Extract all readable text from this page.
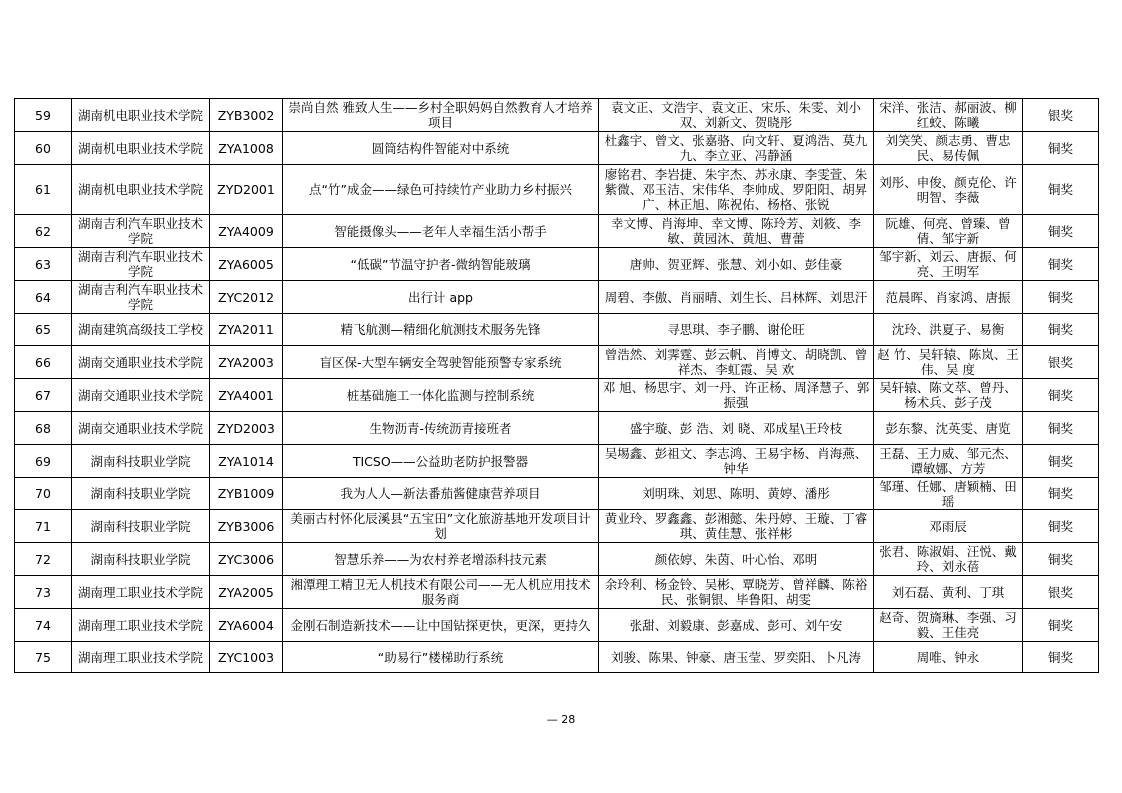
59	湖南机电职业技术学院	ZYB3002	崇尚自然 雅致人生——乡村全职妈妈自然教育人才培养项目	袁文正、文浩宇、袁文正、宋乐、朱雯、刘小双、刘新文、贺晓彤	宋洋、张洁、郝丽波、柳红蛟、陈曦	银奖
60	湖南机电职业技术学院	ZYA1008	圆筒结构件智能对中系统	杜鑫宇、曾文、张嘉骆、向文轩、夏鸿浩、莫九九、李立亚、冯静涵	刘笑笑、颜志勇、曹忠民、易传佩	铜奖
61	湖南机电职业技术学院	ZYD2001	点“竹”成金——绿色可持续竹产业助力乡村振兴	廖铭君、李岩捷、朱宇杰、苏永康、李雯萱、朱紫微、邓玉洁、宋伟华、李帅成、罗阳阳、胡昇广、林正旭、陈祝佑、杨格、张锐	刘彤、申俊、颜克伦、许明智、李薇	铜奖
62	湖南吉利汽车职业技术学院	ZYA4009	智能摄像头——老年人幸福生活小帮手	幸文博、肖海坤、幸文博、陈玲芳、刘筱、李敏、黄园沐、黄旭、曹蕾	阮雄、何亮、曾臻、曾倩、邹宇新	铜奖
63	湖南吉利汽车职业技术学院	ZYA6005	“低碳”节温守护者-微纳智能玻璃	唐帅、贺亚辉、张慧、刘小如、彭佳豪	邹宇新、刘云、唐振、何亮、王明军	铜奖
64	湖南吉利汽车职业技术学院	ZYC2012	出行计 app	周碧、李傲、肖丽晴、刘生长、吕林辉、刘思汗	范晨晖、肖家鸿、唐振	铜奖
65	湖南建筑高级技工学校	ZYA2011	精飞航测—精细化航测技术服务先锋	寻思琪、李子鹏、谢伦旺	沈玲、洪夏子、易衡	铜奖
66	湖南交通职业技术学院	ZYA2003	盲区保-大型车辆安全驾驶智能预警专家系统	曾浩然、刘霁霆、彭云帆、肖博文、胡晓凯、曾祥杰、李虹霞、吴 欢	赵 竹、吴轩辕、陈岚、王 伟、吴 度	银奖
67	湖南交通职业技术学院	ZYA4001	桩基础施工一体化监测与控制系统	邓 旭、杨思宇、刘一丹、许正杨、周泽慧子、郭振强	吴轩辕、陈文萃、曾丹、杨术兵、彭子茂	铜奖
68	湖南交通职业技术学院	ZYD2003	生物沥青-传统沥青接班者	盛宇璇、彭 浩、刘 晓、邓成星\王玲枝	彭东黎、沈英雯、唐览	铜奖
69	湖南科技职业学院	ZYA1014	TICSO——公益助老防护报警器	吴埸鑫、彭祖文、李志鸿、王易宇杨、肖海燕、钟华	王磊、王力威、邹元杰、谭敏娜、方芳	铜奖
70	湖南科技职业学院	ZYB1009	我为人人—新法番茄酱健康营养项目	刘明珠、刘思、陈明、黄婷、潘彤	邹瑾、任娜、唐颖楠、田瑶	铜奖
71	湖南科技职业学院	ZYB3006	美丽古村怀化辰溪县“五宝田”文化旅游基地开发项目计划	黄业玲、罗鑫鑫、彭湘懿、朱丹婷、王璇、丁睿琪、黄佳慧、张祥彬	邓雨辰	铜奖
72	湖南科技职业学院	ZYC3006	智慧乐养——为农村养老增添科技元素	颜依婷、朱茵、叶心怡、邓明	张君、陈淑娟、汪悦、戴玲、刘永蓓	铜奖
73	湖南理工职业技术学院	ZYA2005	湘潭理工精卫无人机技术有限公司——无人机应用技术服务商	余玲利、杨金铃、吴彬、覃晓芳、曾祥麟、陈裕民、张铜银、毕鲁阳、胡雯	刘石磊、黄利、丁琪	银奖
74	湖南理工职业技术学院	ZYA6004	金刚石制造新技术——让中国钻探更快，更深，更持久	张甜、刘毅康、彭嘉成、彭可、刘午安	赵奇、贺旖琳、李强、习毅、王佳亮	铜奖
75	湖南理工职业技术学院	ZYC1003	“助易行”楼梯助行系统	刘骏、陈果、钟豪、唐玉莹、罗奕阳、卜凡涛	周唯、钟永	铜奖
— 28
